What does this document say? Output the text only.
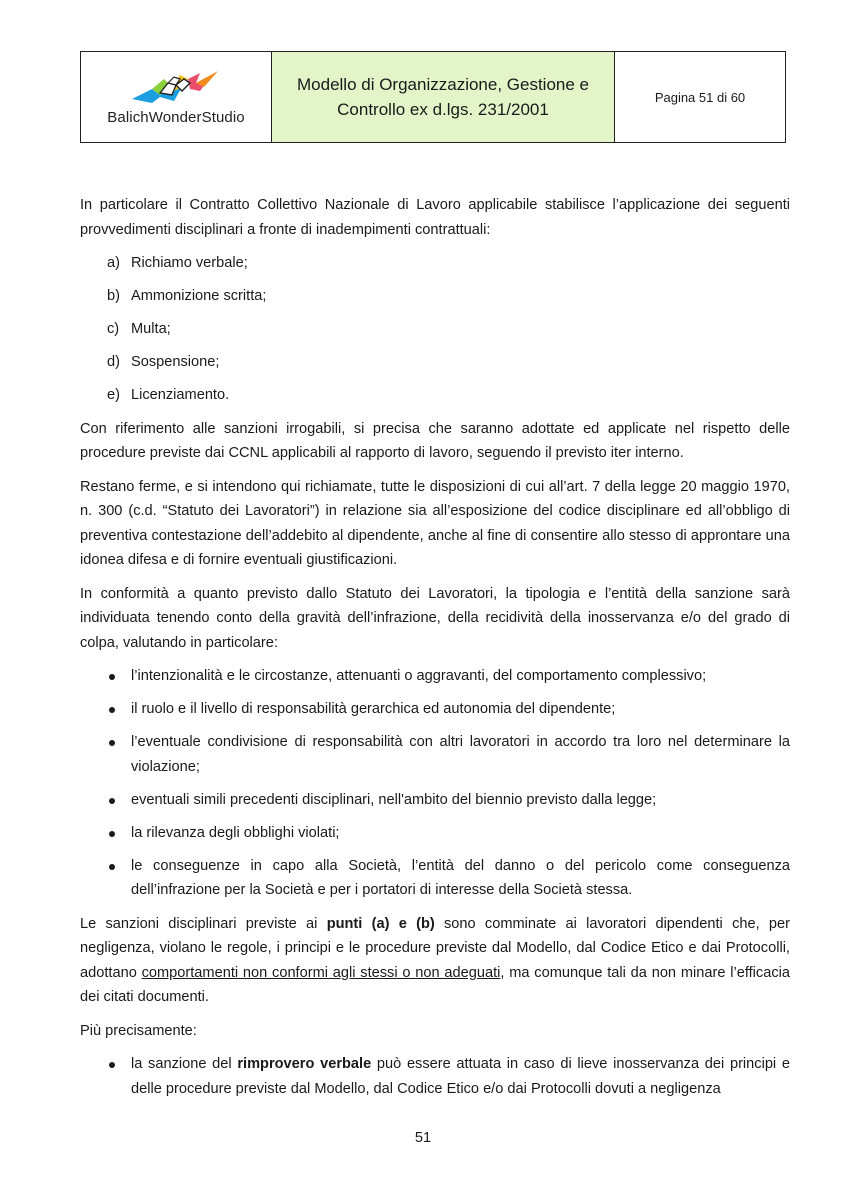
BalichWonderStudio
Modello di Organizzazione, Gestione e
Controllo ex d.lgs. 231/2001
Pagina 51 di 60

In particolare il Contratto Collettivo Nazionale di Lavoro applicabile stabilisce l’applicazione dei seguenti provvedimenti disciplinari a fronte di inadempimenti contrattuali:

a) Richiamo verbale;
b) Ammonizione scritta;
c) Multa;
d) Sospensione;
e) Licenziamento.

Con riferimento alle sanzioni irrogabili, si precisa che saranno adottate ed applicate nel rispetto delle procedure previste dai CCNL applicabili al rapporto di lavoro, seguendo il previsto iter interno.

Restano ferme, e si intendono qui richiamate, tutte le disposizioni di cui all’art. 7 della legge 20 maggio 1970, n. 300 (c.d. “Statuto dei Lavoratori”) in relazione sia all’esposizione del codice disciplinare ed all’obbligo di preventiva contestazione dell’addebito al dipendente, anche al fine di consentire allo stesso di approntare una idonea difesa e di fornire eventuali giustificazioni.

In conformità a quanto previsto dallo Statuto dei Lavoratori, la tipologia e l’entità della sanzione sarà individuata tenendo conto della gravità dell’infrazione, della recidività della inosservanza e/o del grado di colpa, valutando in particolare:

l’intenzionalità e le circostanze, attenuanti o aggravanti, del comportamento complessivo;
il ruolo e il livello di responsabilità gerarchica ed autonomia del dipendente;
l’eventuale condivisione di responsabilità con altri lavoratori in accordo tra loro nel determinare la violazione;
eventuali simili precedenti disciplinari, nell'ambito del biennio previsto dalla legge;
la rilevanza degli obblighi violati;
le conseguenze in capo alla Società, l’entità del danno o del pericolo come conseguenza dell’infrazione per la Società e per i portatori di interesse della Società stessa.

Le sanzioni disciplinari previste ai punti (a) e (b) sono comminate ai lavoratori dipendenti che, per negligenza, violano le regole, i principi e le procedure previste dal Modello, dal Codice Etico e dai Protocolli, adottano comportamenti non conformi agli stessi o non adeguati, ma comunque tali da non minare l’efficacia dei citati documenti.

Più precisamente:

la sanzione del rimprovero verbale può essere attuata in caso di lieve inosservanza dei principi e delle procedure previste dal Modello, dal Codice Etico e/o dai Protocolli dovuti a negligenza
51
